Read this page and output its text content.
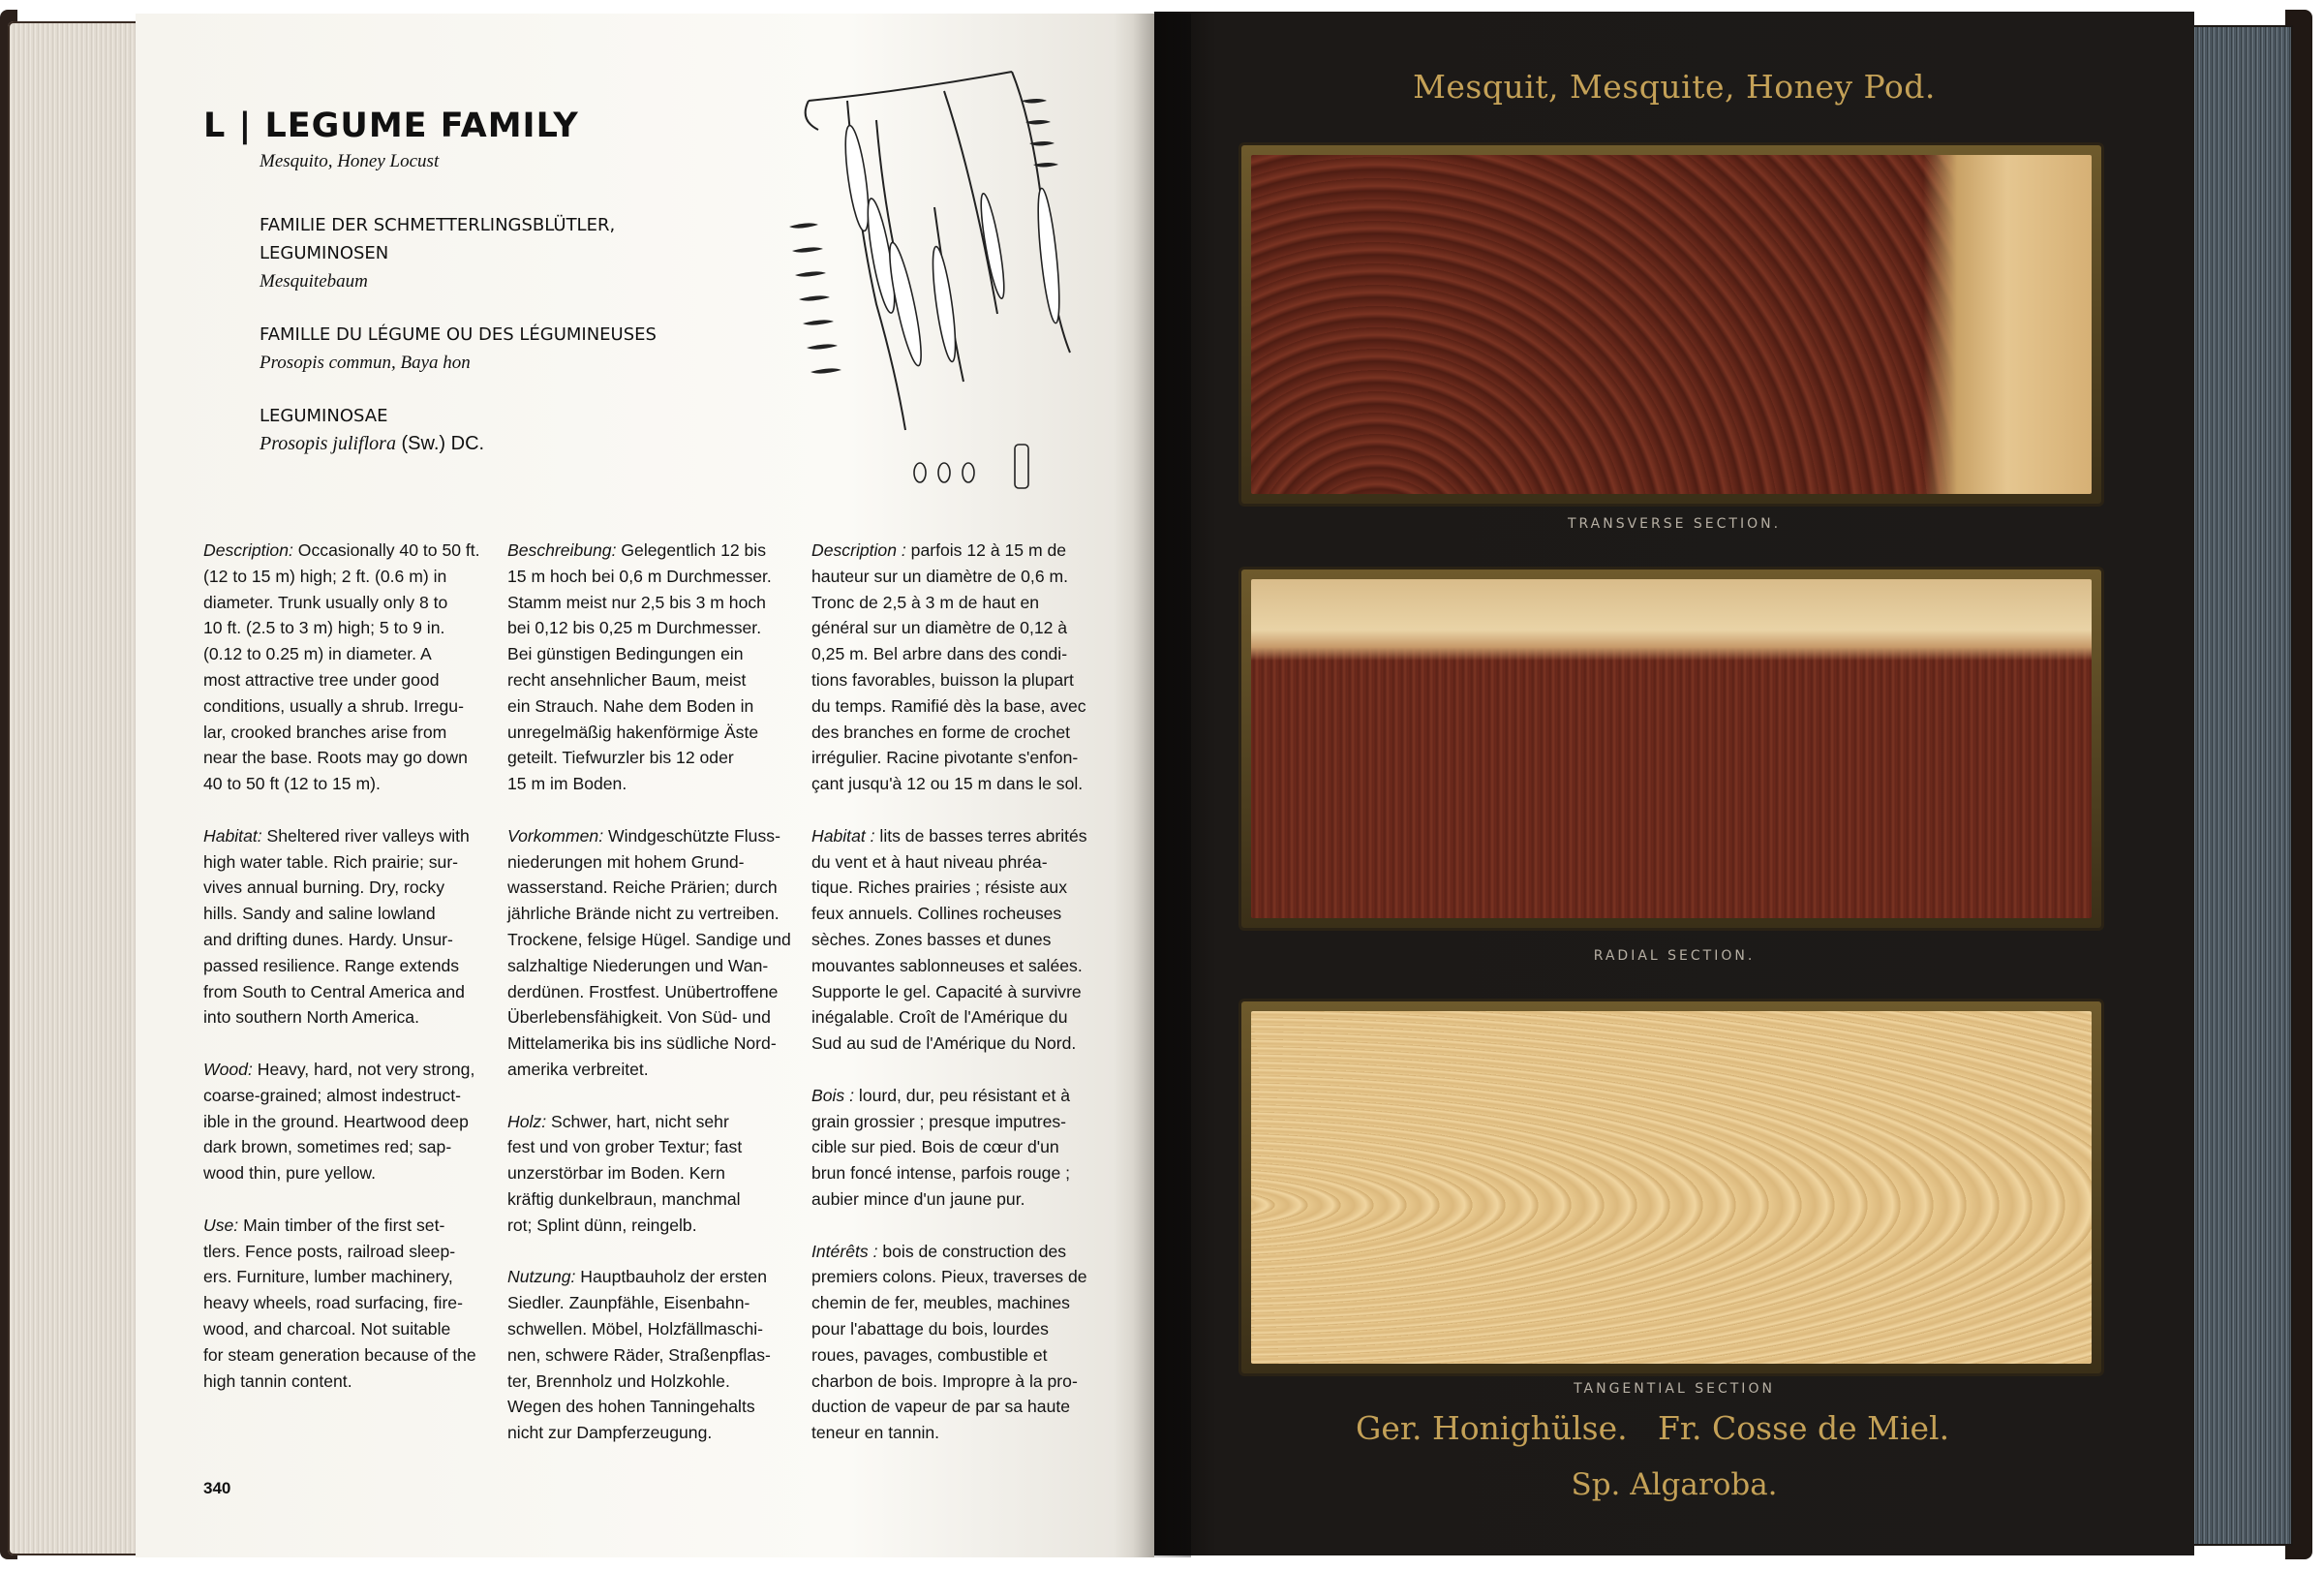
L | LEGUME FAMILY
Mesquito, Honey Locust
FAMILIE DER SCHMETTERLINGSBLÜTLER,
LEGUMINOSEN
Mesquitebaum
FAMILLE DU LÉGUME OU DES LÉGUMINEUSES
Prosopis commun, Baya hon
LEGUMINOSAE
Prosopis juliflora (Sw.) DC.

Description: Occasionally 40 to 50 ft.
(12 to 15 m) high; 2 ft. (0.6 m) in
diameter. Trunk usually only 8 to
10 ft. (2.5 to 3 m) high; 5 to 9 in.
(0.12 to 0.25 m) in diameter. A
most attractive tree under good
conditions, usually a shrub. Irregu-
lar, crooked branches arise from
near the base. Roots may go down
40 to 50 ft (12 to 15 m).

Habitat: Sheltered river valleys with
high water table. Rich prairie; sur-
vives annual burning. Dry, rocky
hills. Sandy and saline lowland
and drifting dunes. Hardy. Unsur-
passed resilience. Range extends
from South to Central America and
into southern North America.

Wood: Heavy, hard, not very strong,
coarse-grained; almost indestruct-
ible in the ground. Heartwood deep
dark brown, sometimes red; sap-
wood thin, pure yellow.

Use: Main timber of the first set-
tlers. Fence posts, railroad sleep-
ers. Furniture, lumber machinery,
heavy wheels, road surfacing, fire-
wood, and charcoal. Not suitable
for steam generation because of the
high tannin content.

Beschreibung: Gelegentlich 12 bis
15 m hoch bei 0,6 m Durchmesser.
Stamm meist nur 2,5 bis 3 m hoch
bei 0,12 bis 0,25 m Durchmesser.
Bei günstigen Bedingungen ein
recht ansehnlicher Baum, meist
ein Strauch. Nahe dem Boden in
unregelmäßig hakenförmige Äste
geteilt. Tiefwurzler bis 12 oder
15 m im Boden.

Vorkommen: Windgeschützte Fluss-
niederungen mit hohem Grund-
wasserstand. Reiche Prärien; durch
jährliche Brände nicht zu vertreiben.
Trockene, felsige Hügel. Sandige und
salzhaltige Niederungen und Wan-
derdünen. Frostfest. Unübertroffene
Überlebensfähigkeit. Von Süd- und
Mittelamerika bis ins südliche Nord-
amerika verbreitet.

Holz: Schwer, hart, nicht sehr
fest und von grober Textur; fast
unzerstörbar im Boden. Kern
kräftig dunkelbraun, manchmal
rot; Splint dünn, reingelb.

Nutzung: Hauptbauholz der ersten
Siedler. Zaunpfähle, Eisenbahn-
schwellen. Möbel, Holzfällmaschi-
nen, schwere Räder, Straßenpflas-
ter, Brennholz und Holzkohle.
Wegen des hohen Tanningehalts
nicht zur Dampferzeugung.

Description : parfois 12 à 15 m de
hauteur sur un diamètre de 0,6 m.
Tronc de 2,5 à 3 m de haut en
général sur un diamètre de 0,12 à
0,25 m. Bel arbre dans des condi-
tions favorables, buisson la plupart
du temps. Ramifié dès la base, avec
des branches en forme de crochet
irrégulier. Racine pivotante s'enfon-
çant jusqu'à 12 ou 15 m dans le sol.

Habitat : lits de basses terres abrités
du vent et à haut niveau phréa-
tique. Riches prairies ; résiste aux
feux annuels. Collines rocheuses
sèches. Zones basses et dunes
mouvantes sablonneuses et salées.
Supporte le gel. Capacité à survivre
inégalable. Croît de l'Amérique du
Sud au sud de l'Amérique du Nord.

Bois : lourd, dur, peu résistant et à
grain grossier ; presque imputres-
cible sur pied. Bois de cœur d'un
brun foncé intense, parfois rouge ;
aubier mince d'un jaune pur.

Intérêts : bois de construction des
premiers colons. Pieux, traverses de
chemin de fer, meubles, machines
pour l'abattage du bois, lourdes
roues, pavages, combustible et
charbon de bois. Impropre à la pro-
duction de vapeur de par sa haute
teneur en tannin.

340
Mesquit, Mesquite, Honey Pod.
TRANSVERSE SECTION.
RADIAL SECTION.
TANGENTIAL SECTION
Ger. Honighülse. Fr. Cosse de Miel.
Sp. Algaroba.
